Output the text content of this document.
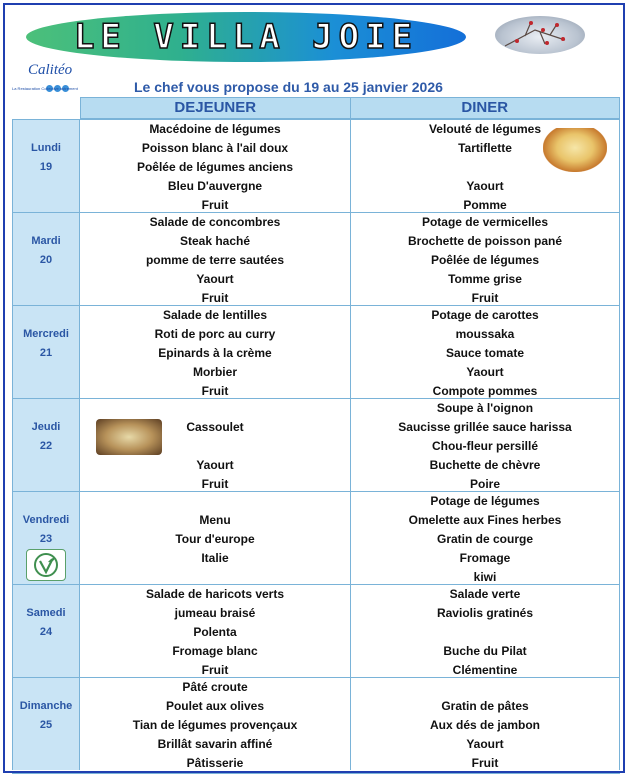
LE VILLA JOIE
Calitéo
La Restauration Collective autrement	Le chef vous propose du 19 au 25 janvier 2026
DEJEUNER	DINER
Lundi
19
Macédoine de légumes
Poisson blanc à l'ail doux
Poêlée de légumes anciens
Bleu D'auvergne
Fruit
Velouté de légumes
Tartiflette
Yaourt
Pomme
Mardi
20
Salade de concombres
Steak haché
pomme de terre sautées
Yaourt
Fruit
Potage de vermicelles
Brochette de poisson pané
Poêlée de légumes
Tomme grise
Fruit
Mercredi
21
Salade de lentilles
Roti de porc au curry
Epinards à la crème
Morbier
Fruit
Potage de carottes
moussaka
Sauce tomate
Yaourt
Compote pommes
Jeudi
22
Cassoulet
Yaourt
Fruit
Soupe à l'oignon
Saucisse grillée sauce harissa
Chou-fleur persillé
Buchette de chèvre
Poire
Vendredi
23
Menu
Tour d'europe
Italie
Potage de légumes
Omelette aux Fines herbes
Gratin de courge
Fromage
kiwi
Samedi
24
Salade de haricots verts
jumeau braisé
Polenta
Fromage blanc
Fruit
Salade verte
Raviolis gratinés
Buche du Pilat
Clémentine
Dimanche
25
Pâté croute
Poulet aux olives
Tian de légumes provençaux
Brillât savarin affiné
Pâtisserie
Gratin de pâtes
Aux dés de jambon
Yaourt
Fruit
